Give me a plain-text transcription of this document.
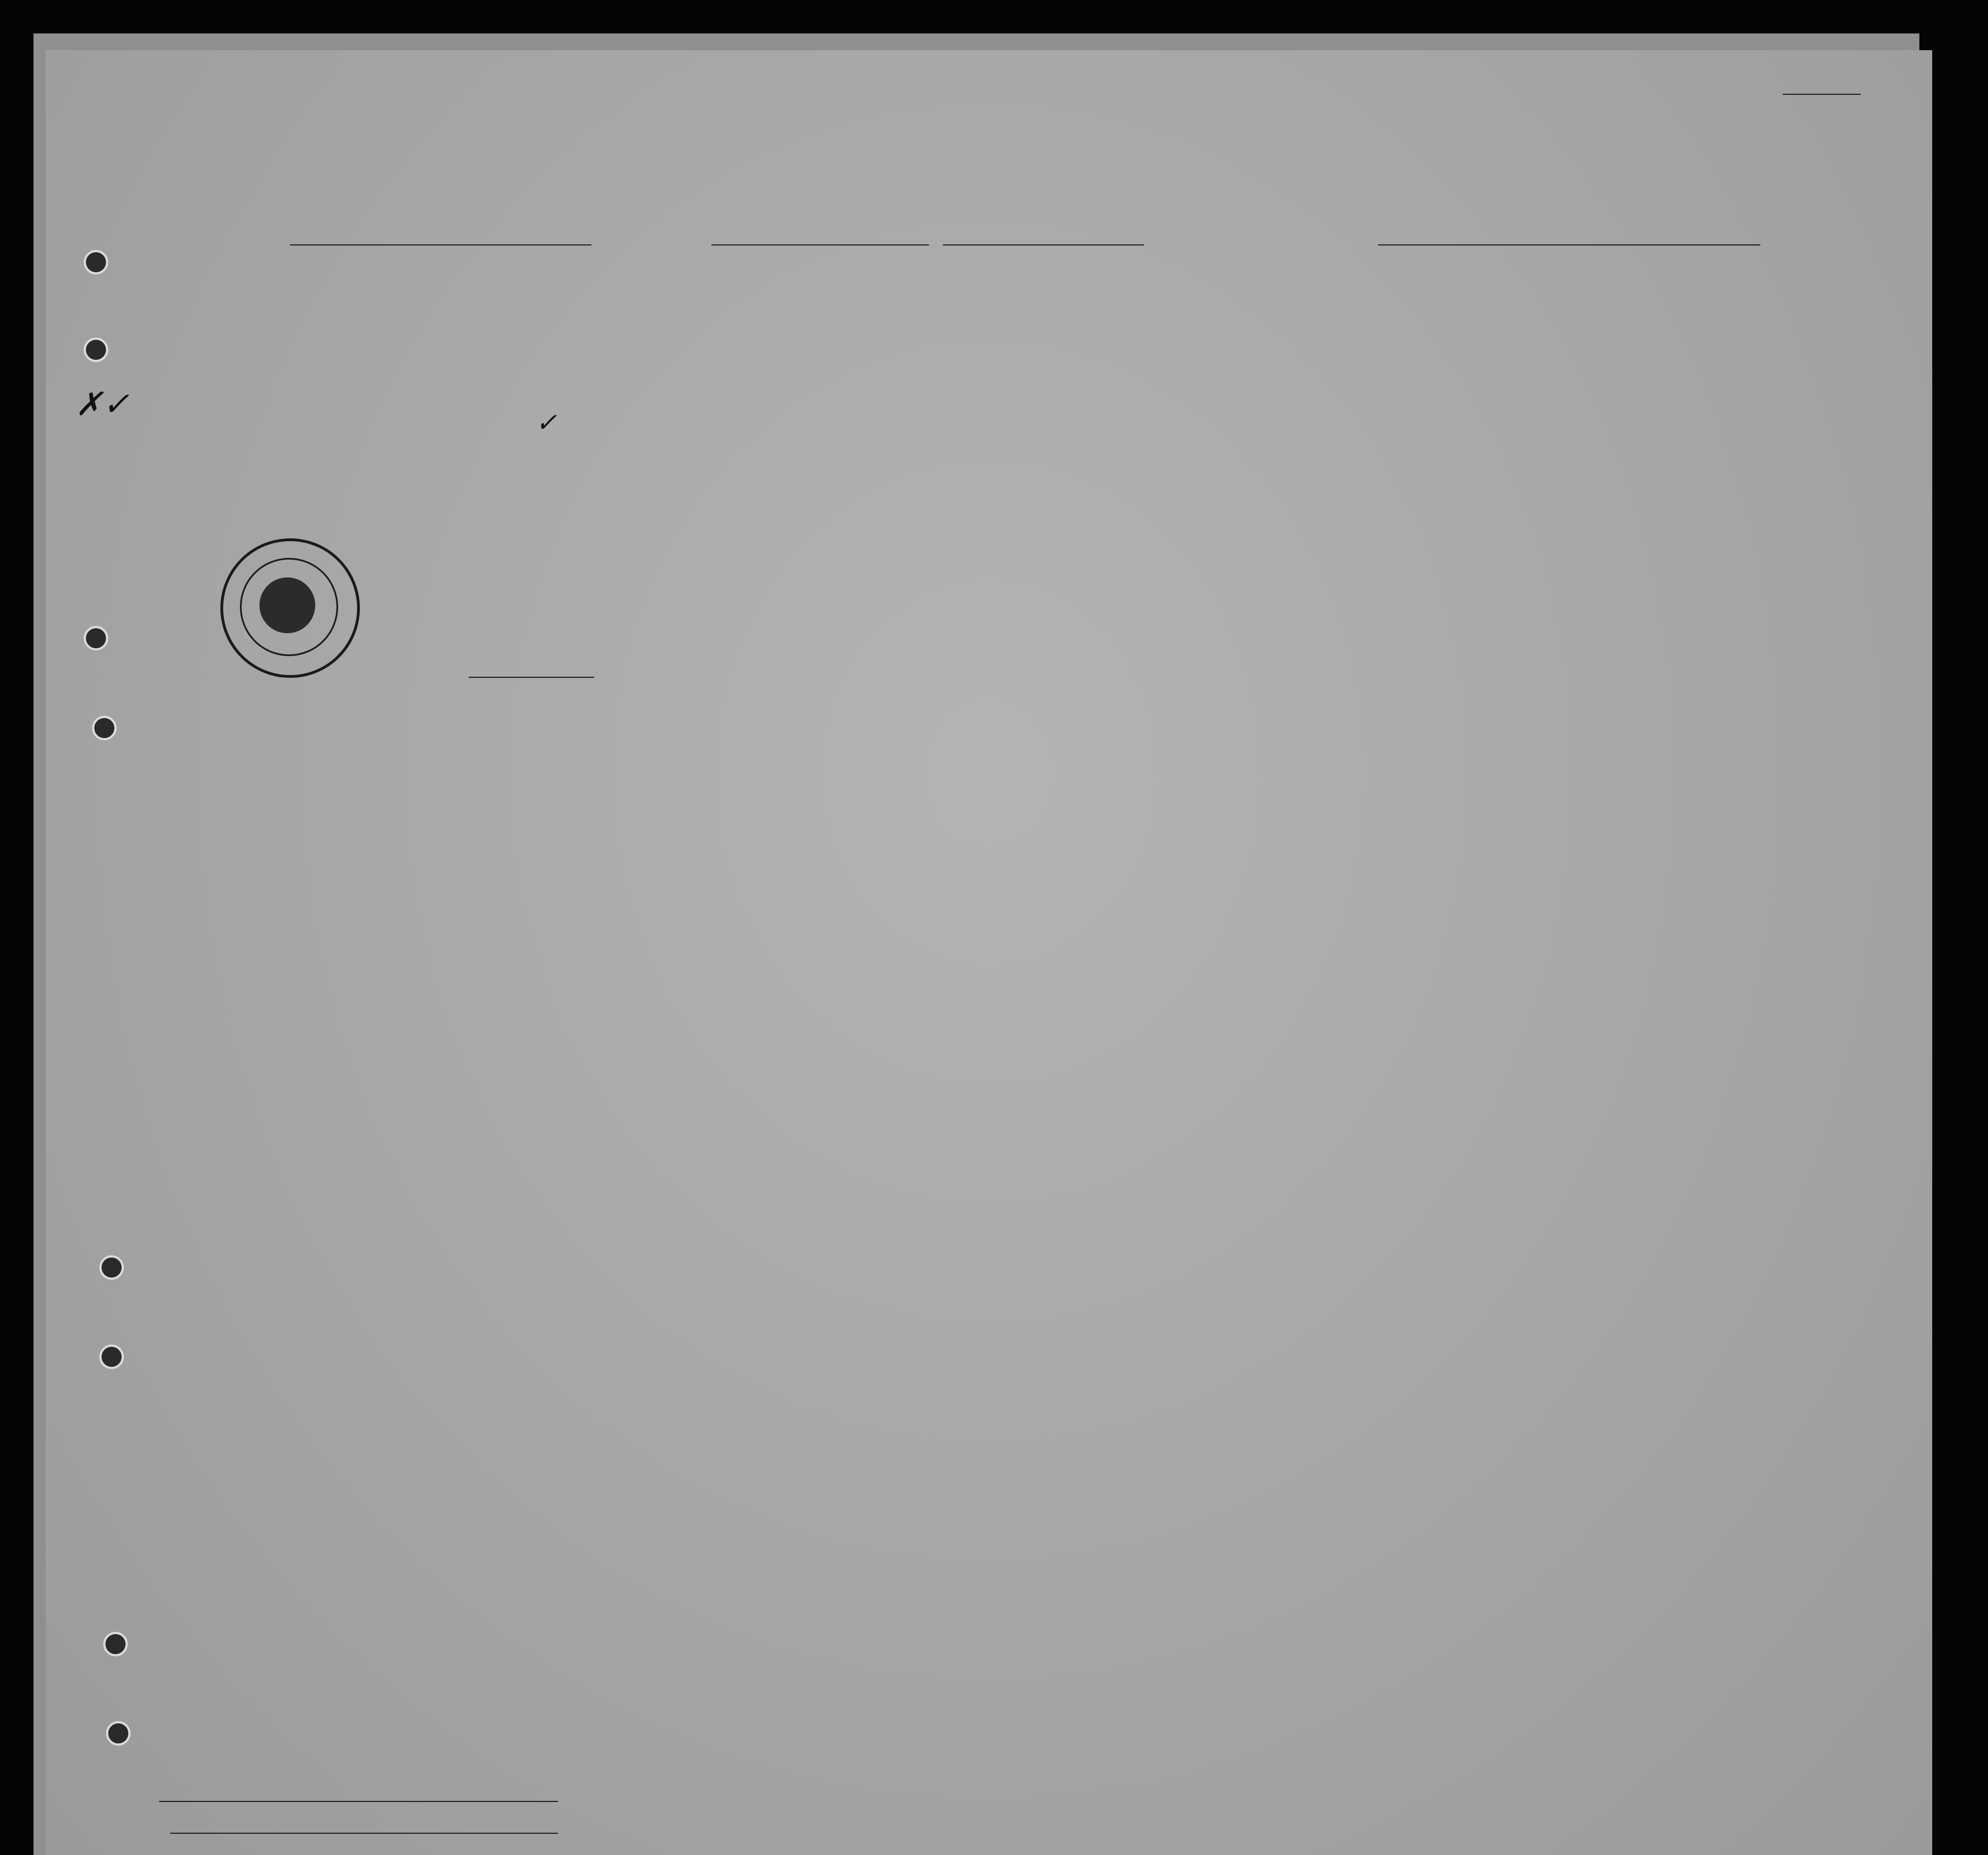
✗✓	✓
